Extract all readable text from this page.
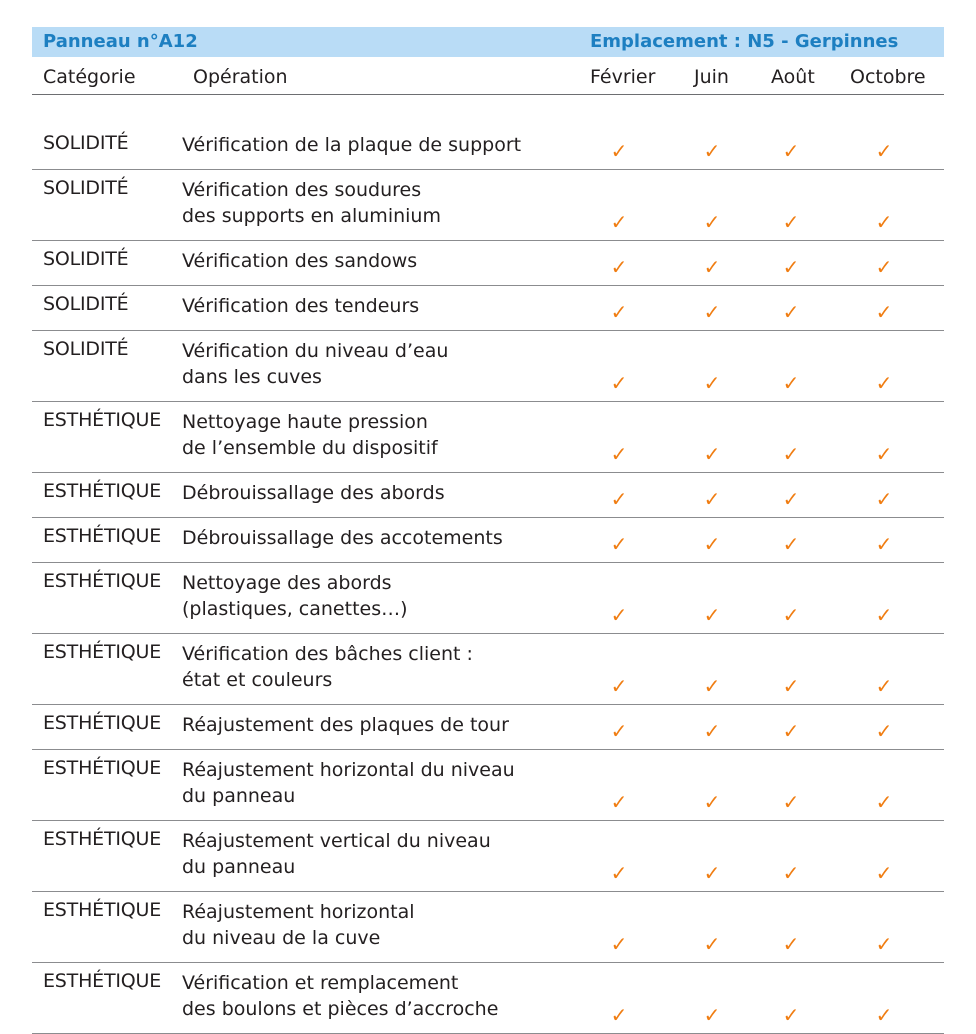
Panneau n°A12	Emplacement : N5 - Gerpinnes
Catégorie	Opération	Février Juin Août Octobre
SOLIDITÉ	Vérification de la plaque de support	✓	✓	✓	✓
SOLIDITÉ	Vérification des soudures
des supports en aluminium	✓	✓	✓	✓
SOLIDITÉ	Vérification des sandows	✓	✓	✓	✓
SOLIDITÉ	Vérification des tendeurs	✓	✓	✓	✓
SOLIDITÉ	Vérification du niveau d’eau
dans les cuves	✓	✓	✓	✓
ESTHÉTIQUE	Nettoyage haute pression
de l’ensemble du dispositif	✓	✓	✓	✓
ESTHÉTIQUE	Débrouissallage des abords	✓	✓	✓	✓
ESTHÉTIQUE	Débrouissallage des accotements	✓	✓	✓	✓
ESTHÉTIQUE	Nettoyage des abords
(plastiques, canettes…)	✓	✓	✓	✓
ESTHÉTIQUE	Vérification des bâches client :
état et couleurs	✓	✓	✓	✓
ESTHÉTIQUE	Réajustement des plaques de tour	✓	✓	✓	✓
ESTHÉTIQUE	Réajustement horizontal du niveau
du panneau	✓	✓	✓	✓
ESTHÉTIQUE	Réajustement vertical du niveau
du panneau	✓	✓	✓	✓
ESTHÉTIQUE	Réajustement horizontal
du niveau de la cuve	✓	✓	✓	✓
ESTHÉTIQUE	Vérification et remplacement
des boulons et pièces d’accroche	✓	✓	✓	✓
